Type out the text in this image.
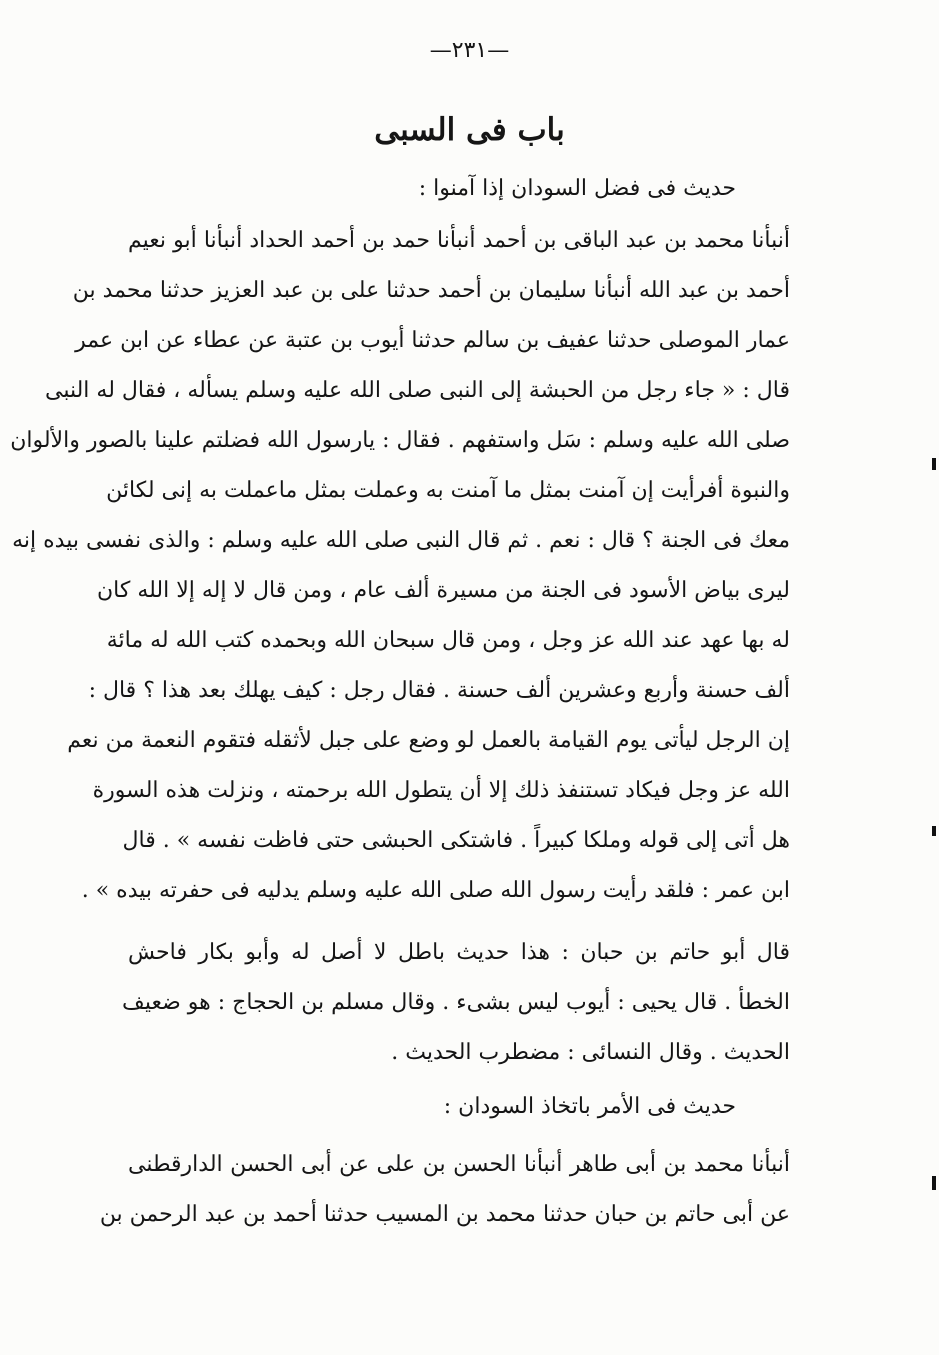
—٢٣١—
باب فى السبى
حديث فى فضل السودان إذا آمنوا :
أنبأنا محمد بن عبد الباقى بن أحمد أنبأنا حمد بن أحمد الحداد أنبأنا أبو نعيم
أحمد بن عبد الله أنبأنا سليمان بن أحمد حدثنا على بن عبد العزيز حدثنا محمد بن
عمار الموصلى حدثنا عفيف بن سالم حدثنا أيوب بن عتبة عن عطاء عن ابن عمر
قال : « جاء رجل من الحبشة إلى النبى صلى الله عليه وسلم يسأله ، فقال له النبى
صلى الله عليه وسلم : سَل واستفهم . فقال : يارسول الله فضلتم علينا بالصور والألوان
والنبوة أفرأيت إن آمنت بمثل ما آمنت به وعملت بمثل ماعملت به إنى لكائن
معك فى الجنة ؟ قال : نعم . ثم قال النبى صلى الله عليه وسلم : والذى نفسى بيده إنه
ليرى بياض الأسود فى الجنة من مسيرة ألف عام ، ومن قال لا إله إلا الله كان
له بها عهد عند الله عز وجل ، ومن قال سبحان الله وبحمده كتب الله له مائة
ألف حسنة وأربع وعشرين ألف حسنة . فقال رجل : كيف يهلك بعد هذا ؟ قال :
إن الرجل ليأتى يوم القيامة بالعمل لو وضع على جبل لأثقله فتقوم النعمة من نعم
الله عز وجل فيكاد تستنفذ ذلك إلا أن يتطول الله برحمته ، ونزلت هذه السورة
هل أتى إلى قوله وملكا كبيراً . فاشتكى الحبشى حتى فاظت نفسه » . قال
ابن عمر : فلقد رأيت رسول الله صلى الله عليه وسلم يدليه فى حفرته بيده » .
قال أبو حاتم بن حبان : هذا حديث باطل لا أصل له وأبو بكار فاحش
الخطأ . قال يحيى : أيوب ليس بشىء . وقال مسلم بن الحجاج : هو ضعيف
الحديث . وقال النسائى : مضطرب الحديث .
حديث فى الأمر باتخاذ السودان :
أنبأنا محمد بن أبى طاهر أنبأنا الحسن بن على عن أبى الحسن الدارقطنى
عن أبى حاتم بن حبان حدثنا محمد بن المسيب حدثنا أحمد بن عبد الرحمن بن
